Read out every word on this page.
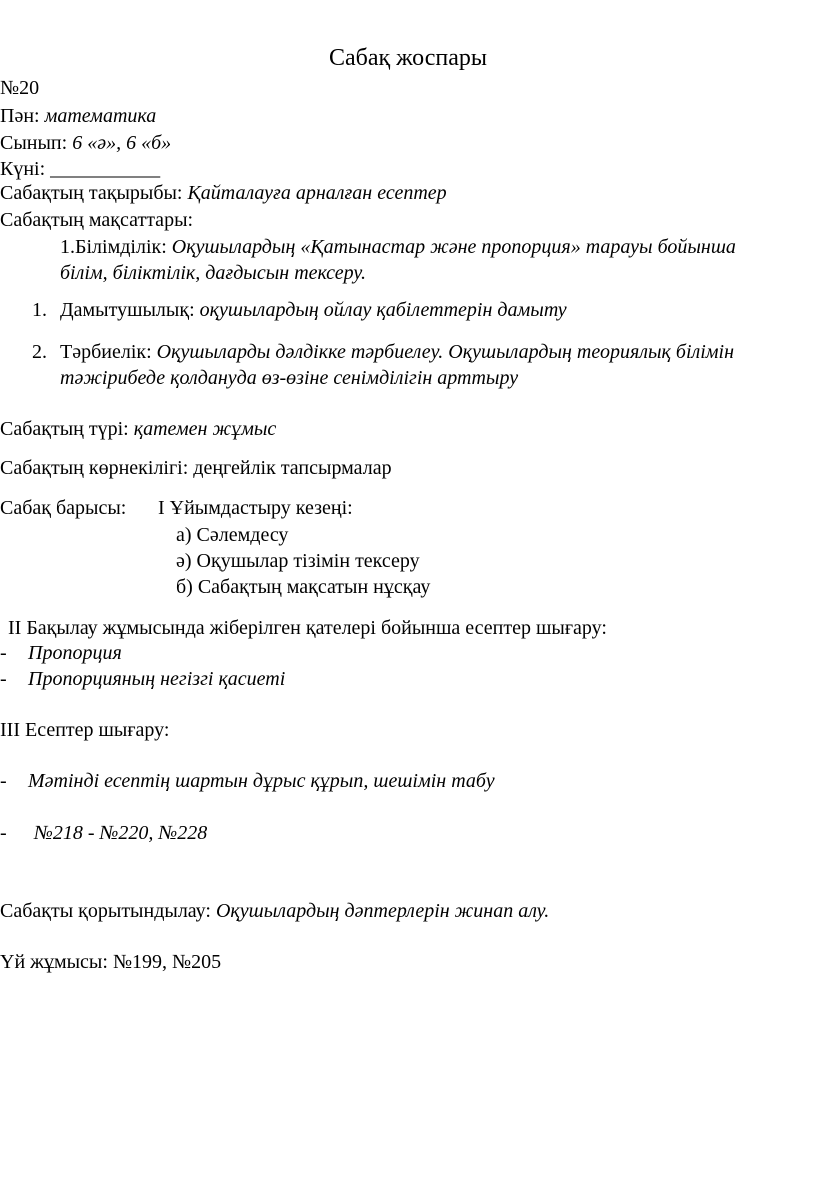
Сабақ жоспары
№20
Пән: математика
Сынып: 6 «ә», 6 «б»
Күні: ___________
Сабақтың тақырыбы: Қайталауға арналған есептер
Сабақтың мақсаттары:
1.Білімділік: Оқушылардың «Қатынастар және пропорция» тарауы бойынша
білім, біліктілік, дағдысын тексеру.
1. Дамытушылық: оқушылардың ойлау қабілеттерін дамыту
2. Тәрбиелік: Оқушыларды дәлдікке тәрбиелеу. Оқушылардың теориялық білімін
тәжірибеде қолдануда өз-өзіне сенімділігін арттыру
Сабақтың түрі: қатемен жұмыс
Сабақтың көрнекілігі: деңгейлік тапсырмалар
Сабақ барысы: І Ұйымдастыру кезеңі:
а) Сәлемдесу
ә) Оқушылар тізімін тексеру
б) Сабақтың мақсатын нұсқау
ІІ Бақылау жұмысында жіберілген қателері бойынша есептер шығару:
- Пропорция
- Пропорцияның негізгі қасиеті
ІІІ Есептер шығару:
- Мәтінді есептің шартын дұрыс құрып, шешімін табу
- №218 - №220, №228
Сабақты қорытындылау: Оқушылардың дәптерлерін жинап алу.
Үй жұмысы: №199, №205
